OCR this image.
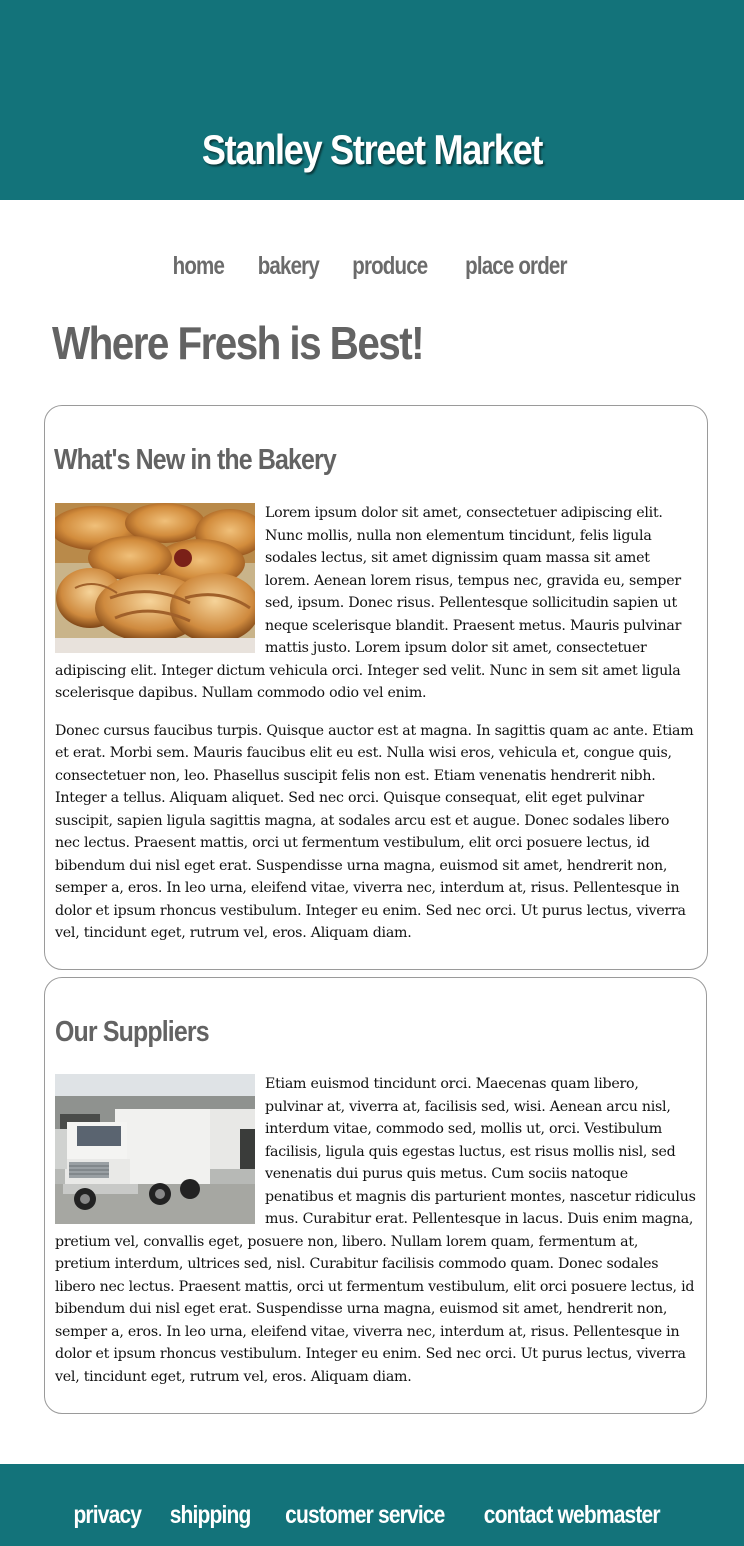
Stanley Street Market
home bakery produce place order
Where Fresh is Best!
What's New in the Bakery

Lorem ipsum dolor sit amet, consectetuer adipiscing elit. Nunc mollis, nulla non elementum tincidunt, felis ligula sodales lectus, sit amet dignissim quam massa sit amet lorem. Aenean lorem risus, tempus nec, gravida eu, semper sed, ipsum. Donec risus. Pellentesque sollicitudin sapien ut neque scelerisque blandit. Praesent metus. Mauris pulvinar mattis justo. Lorem ipsum dolor sit amet, consectetuer adipiscing elit. Integer dictum vehicula orci. Integer sed velit. Nunc in sem sit amet ligula scelerisque dapibus. Nullam commodo odio vel enim.

Donec cursus faucibus turpis. Quisque auctor est at magna. In sagittis quam ac ante. Etiam et erat. Morbi sem. Mauris faucibus elit eu est. Nulla wisi eros, vehicula et, congue quis, consectetuer non, leo. Phasellus suscipit felis non est. Etiam venenatis hendrerit nibh. Integer a tellus. Aliquam aliquet. Sed nec orci. Quisque consequat, elit eget pulvinar suscipit, sapien ligula sagittis magna, at sodales arcu est et augue. Donec sodales libero nec lectus. Praesent mattis, orci ut fermentum vestibulum, elit orci posuere lectus, id bibendum dui nisl eget erat. Suspendisse urna magna, euismod sit amet, hendrerit non, semper a, eros. In leo urna, eleifend vitae, viverra nec, interdum at, risus. Pellentesque in dolor et ipsum rhoncus vestibulum. Integer eu enim. Sed nec orci. Ut purus lectus, viverra vel, tincidunt eget, rutrum vel, eros. Aliquam diam.

Our Suppliers

Etiam euismod tincidunt orci. Maecenas quam libero, pulvinar at, viverra at, facilisis sed, wisi. Aenean arcu nisl, interdum vitae, commodo sed, mollis ut, orci. Vestibulum facilisis, ligula quis egestas luctus, est risus mollis nisl, sed venenatis dui purus quis metus. Cum sociis natoque penatibus et magnis dis parturient montes, nascetur ridiculus mus. Curabitur erat. Pellentesque in lacus. Duis enim magna, pretium vel, convallis eget, posuere non, libero. Nullam lorem quam, fermentum at, pretium interdum, ultrices sed, nisl. Curabitur facilisis commodo quam. Donec sodales libero nec lectus. Praesent mattis, orci ut fermentum vestibulum, elit orci posuere lectus, id bibendum dui nisl eget erat. Suspendisse urna magna, euismod sit amet, hendrerit non, semper a, eros. In leo urna, eleifend vitae, viverra nec, interdum at, risus. Pellentesque in dolor et ipsum rhoncus vestibulum. Integer eu enim. Sed nec orci. Ut purus lectus, viverra vel, tincidunt eget, rutrum vel, eros. Aliquam diam.

privacy shipping customer service contact webmaster
